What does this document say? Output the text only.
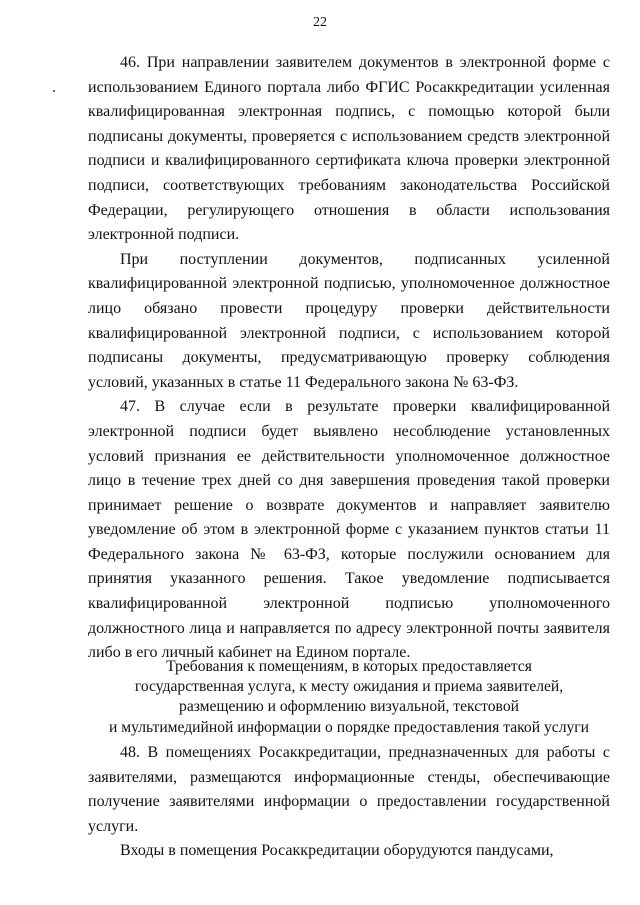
22

46. При направлении заявителем документов в электронной форме с использованием Единого портала либо ФГИС Росаккредитации усиленная квалифицированная электронная подпись, с помощью которой были подписаны документы, проверяется с использованием средств электронной подписи и квалифицированного сертификата ключа проверки электронной подписи, соответствующих требованиям законодательства Российской Федерации, регулирующего отношения в области использования электронной подписи.

При поступлении документов, подписанных усиленной квалифицированной электронной подписью, уполномоченное должностное лицо обязано провести процедуру проверки действительности квалифицированной электронной подписи, с использованием которой подписаны документы, предусматривающую проверку соблюдения условий, указанных в статье 11 Федерального закона № 63-ФЗ.

47. В случае если в результате проверки квалифицированной электронной подписи будет выявлено несоблюдение установленных условий признания ее действительности уполномоченное должностное лицо в течение трех дней со дня завершения проведения такой проверки принимает решение о возврате документов и направляет заявителю уведомление об этом в электронной форме с указанием пунктов статьи 11 Федерального закона № 63-ФЗ, которые послужили основанием для принятия указанного решения. Такое уведомление подписывается квалифицированной электронной подписью уполномоченного должностного лица и направляется по адресу электронной почты заявителя либо в его личный кабинет на Едином портале.

Требования к помещениям, в которых предоставляется
государственная услуга, к месту ожидания и приема заявителей,
размещению и оформлению визуальной, текстовой
и мультимедийной информации о порядке предоставления такой услуги

48. В помещениях Росаккредитации, предназначенных для работы с заявителями, размещаются информационные стенды, обеспечивающие получение заявителями информации о предоставлении государственной услуги.

Входы в помещения Росаккредитации оборудуются пандусами,
